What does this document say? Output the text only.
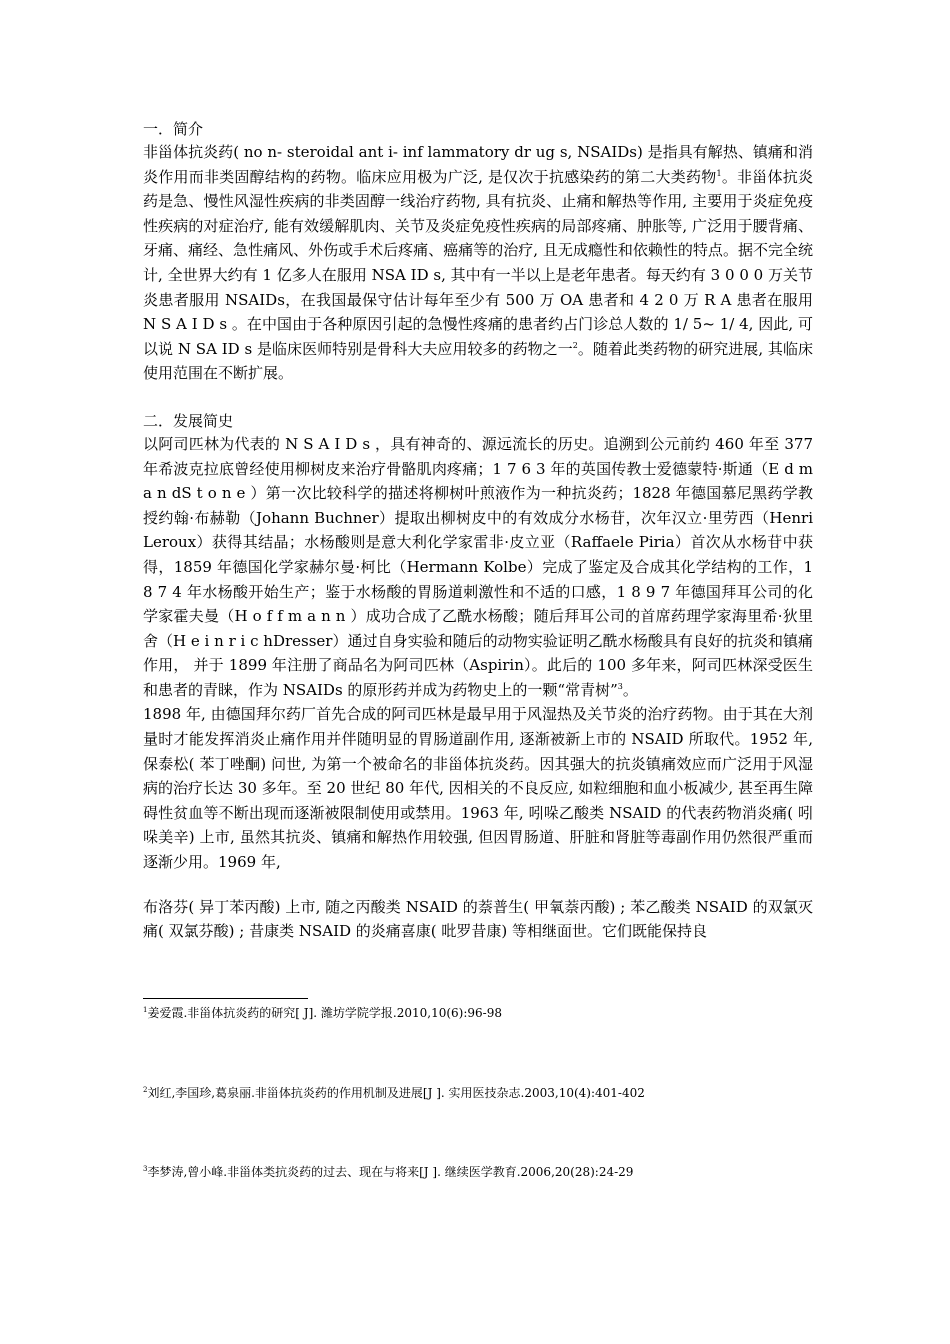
一．简介

非甾体抗炎药( no n- steroidal ant i- inf lammatory dr ug s, NSAIDs) 是指具有解热、镇痛和消炎作用而非类固醇结构的药物。临床应用极为广泛, 是仅次于抗感染药的第二大类药物$^1$。非甾体抗炎药是急、慢性风湿性疾病的非类固醇一线治疗药物, 具有抗炎、止痛和解热等作用, 主要用于炎症免疫性疾病的对症治疗, 能有效缓解肌肉、关节及炎症免疫性疾病的局部疼痛、肿胀等, 广泛用于腰背痛、牙痛、痛经、急性痛风、外伤或手术后疼痛、癌痛等的治疗, 且无成瘾性和依赖性的特点。据不完全统计, 全世界大约有 1 亿多人在服用 NSA ID s, 其中有一半以上是老年患者。每天约有 3 0 0 0 万关节炎患者服用 NSAIDs，在我国最保守估计每年至少有 500 万 OA 患者和 4 2 0 万 R A 患者在服用 N S A I D s 。在中国由于各种原因引起的急慢性疼痛的患者约占门诊总人数的 1/ 5~ 1/ 4, 因此, 可以说 N SA ID s 是临床医师特别是骨科大夫应用较多的药物之一$^2$。随着此类药物的研究进展, 其临床使用范围在不断扩展。

二．发展简史

以阿司匹林为代表的 N S A I D s ，具有神奇的、源远流长的历史。追溯到公元前约 460 年至 377 年希波克拉底曾经使用柳树皮来治疗骨骼肌肉疼痛；1 7 6 3 年的英国传教士爱德蒙特·斯通（E d m a n dS t o n e ）第一次比较科学的描述将柳树叶煎液作为一种抗炎药；1828 年德国慕尼黑药学教授约翰·布赫勒（Johann Buchner）提取出柳树皮中的有效成分水杨苷，次年汉立·里劳西（Henri Leroux）获得其结晶；水杨酸则是意大利化学家雷非·皮立亚（Raffaele Piria）首次从水杨苷中获得，1859 年德国化学家赫尔曼·柯比（Hermann Kolbe）完成了鉴定及合成其化学结构的工作，1 8 7 4 年水杨酸开始生产；鉴于水杨酸的胃肠道刺激性和不适的口感，1 8 9 7 年德国拜耳公司的化学家霍夫曼（H o f f m a n n ）成功合成了乙酰水杨酸；随后拜耳公司的首席药理学家海里希·狄里舍（H e i n r i c hDresser）通过自身实验和随后的动物实验证明乙酰水杨酸具有良好的抗炎和镇痛作用， 并于 1899 年注册了商品名为阿司匹林（Aspirin）。此后的 100 多年来，阿司匹林深受医生和患者的青睐，作为 NSAIDs 的原形药并成为药物史上的一颗“常青树”$^3$。

1898 年, 由德国拜尔药厂首先合成的阿司匹林是最早用于风湿热及关节炎的治疗药物。由于其在大剂量时才能发挥消炎止痛作用并伴随明显的胃肠道副作用, 逐渐被新上市的 NSAID 所取代。1952 年, 保泰松( 苯丁唑酮) 问世, 为第一个被命名的非甾体抗炎药。因其强大的抗炎镇痛效应而广泛用于风湿病的治疗长达 30 多年。至 20 世纪 80 年代, 因相关的不良反应, 如粒细胞和血小板减少, 甚至再生障碍性贫血等不断出现而逐渐被限制使用或禁用。1963 年, 吲哚乙酸类 NSAID 的代表药物消炎痛( 吲哚美辛) 上市, 虽然其抗炎、镇痛和解热作用较强, 但因胃肠道、肝脏和肾脏等毒副作用仍然很严重而逐渐少用。1969 年,

布洛芬( 异丁苯丙酸) 上市, 随之丙酸类 NSAID 的萘普生( 甲氧萘丙酸) ; 苯乙酸类 NSAID 的双氯灭痛( 双氯芬酸) ; 昔康类 NSAID 的炎痛喜康( 吡罗昔康) 等相继面世。它们既能保持良

$^1$姜爱霞.非甾体抗炎药的研究[ J]. 潍坊学院学报.2010,10(6):96-98
$^2$刘红,李国珍,葛泉丽.非甾体抗炎药的作用机制及进展[J ]. 实用医技杂志.2003,10(4):401-402
$^3$李梦涛,曾小峰.非甾体类抗炎药的过去、现在与将来[J ]. 继续医学教育.2006,20(28):24-29
